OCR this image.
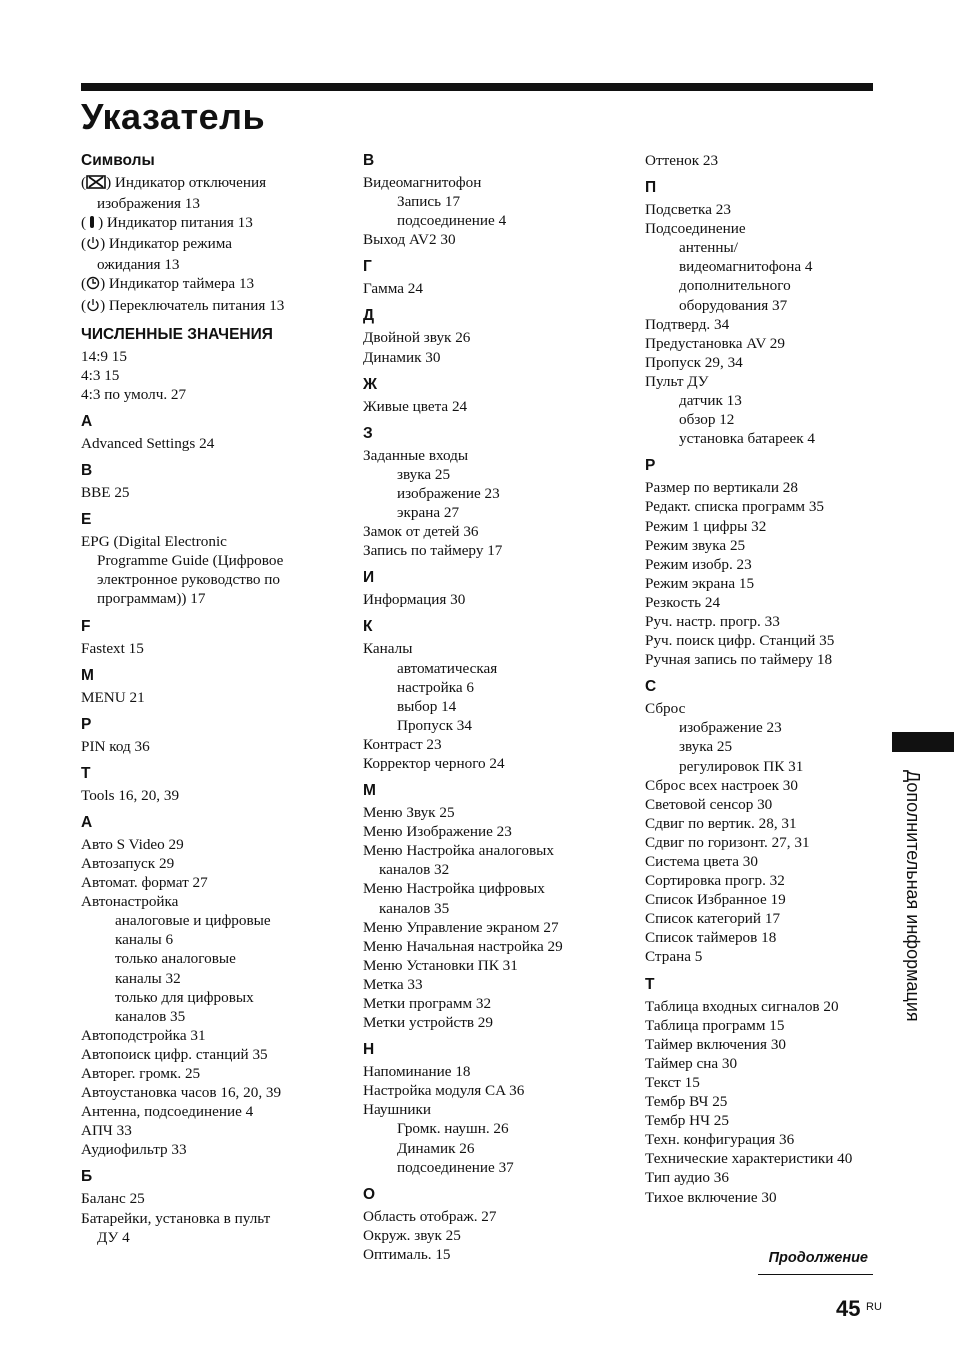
Указатель
Символы
( ) Индикатор отключения
изображения 13
( ) Индикатор питания 13
( ) Индикатор режима
ожидания 13
( ) Индикатор таймера 13
( ) Переключатель питания 13
ЧИСЛЕННЫЕ ЗНАЧЕНИЯ
14:9 15
4:3 15
4:3 по умолч. 27
A
Advanced Settings 24
B
BBE 25
E
EPG (Digital Electronic
Programme Guide (Цифровое
электронное руководство по
программам)) 17
F
Fastext 15
M
MENU 21
P
PIN код 36
T
Tools 16, 20, 39
А
Авто S Video 29
Автозапуск 29
Автомат. формат 27
Автонастройка
аналоговые и цифровые
каналы 6
только аналоговые
каналы 32
только для цифровых
каналов 35
Автоподстройка 31
Автопоиск цифр. станций 35
Авторег. громк. 25
Автоустановка часов 16, 20, 39
Антенна, подсоединение 4
АПЧ 33
Аудиофильтр 33
Б
Баланс 25
Батарейки, установка в пульт
ДУ 4
В
Видеомагнитофон
Запись 17
подсоединение 4
Выход AV2 30
Г
Гамма 24
Д
Двойной звук 26
Динамик 30
Ж
Живые цвета 24
З
Заданные входы
звука 25
изображение 23
экрана 27
Замок от детей 36
Запись по таймеру 17
И
Информация 30
К
Каналы
автоматическая
настройка 6
выбор 14
Пропуск 34
Контраст 23
Корректор черного 24
М
Меню Звук 25
Меню Изображение 23
Меню Настройка аналоговых
каналов 32
Меню Настройка цифровых
каналов 35
Меню Управление экраном 27
Меню Начальная настройка 29
Меню Установки ПК 31
Метка 33
Метки программ 32
Метки устройств 29
Н
Напоминание 18
Настройка модуля CA 36
Наушники
Громк. наушн. 26
Динамик 26
подсоединение 37
О
Область отображ. 27
Окруж. звук 25
Оптималь. 15
Оттенок 23
П
Подсветка 23
Подсоединение
антенны/
видеомагнитофона 4
дополнительного
оборудования 37
Подтверд. 34
Предустановка AV 29
Пропуск 29, 34
Пульт ДУ
датчик 13
обзор 12
установка батареек 4
Р
Размер по вертикали 28
Редакт. списка программ 35
Режим 1 цифры 32
Режим звука 25
Режим изобр. 23
Режим экрана 15
Резкость 24
Руч. настр. прогр. 33
Руч. поиск цифр. Станций 35
Ручная запись по таймеру 18
С
Сброс
изображение 23
звука 25
регулировок ПК 31
Сброс всех настроек 30
Световой сенсор 30
Сдвиг по вертик. 28, 31
Сдвиг по горизонт. 27, 31
Система цвета 30
Сортировка прогр. 32
Список Избранное 19
Список категорий 17
Список таймеров 18
Страна 5
Т
Таблица входных сигналов 20
Таблица программ 15
Таймер включения 30
Таймер сна 30
Текст 15
Тембр ВЧ 25
Тембр НЧ 25
Техн. конфигурация 36
Технические характеристики 40
Тип аудио 36
Тихое включение 30
Дополнительная информация
Продолжение
45 RU
